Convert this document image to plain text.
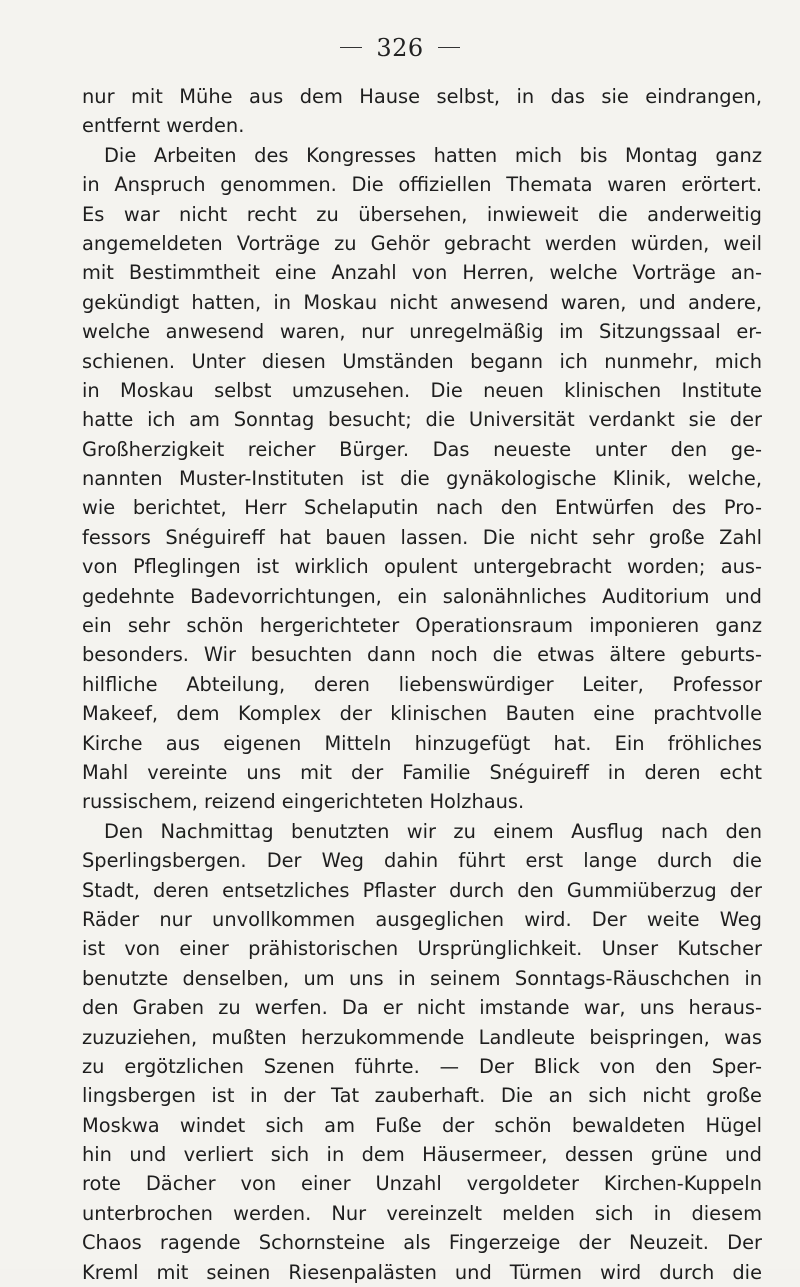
326
nur mit Mühe aus dem Hause selbst, in das sie eindrangen,
entfernt werden.
Die Arbeiten des Kongresses hatten mich bis Montag ganz
in Anspruch genommen. Die offiziellen Themata waren erörtert.
Es war nicht recht zu übersehen, inwieweit die anderweitig
angemeldeten Vorträge zu Gehör gebracht werden würden, weil
mit Bestimmtheit eine Anzahl von Herren, welche Vorträge an-
gekündigt hatten, in Moskau nicht anwesend waren, und andere,
welche anwesend waren, nur unregelmäßig im Sitzungssaal er-
schienen. Unter diesen Umständen begann ich nunmehr, mich
in Moskau selbst umzusehen. Die neuen klinischen Institute
hatte ich am Sonntag besucht; die Universität verdankt sie der
Großherzigkeit reicher Bürger. Das neueste unter den ge-
nannten Muster-Instituten ist die gynäkologische Klinik, welche,
wie berichtet, Herr Schelaputin nach den Entwürfen des Pro-
fessors Snéguireff hat bauen lassen. Die nicht sehr große Zahl
von Pfleglingen ist wirklich opulent untergebracht worden; aus-
gedehnte Badevorrichtungen, ein salonähnliches Auditorium und
ein sehr schön hergerichteter Operationsraum imponieren ganz
besonders. Wir besuchten dann noch die etwas ältere geburts-
hilfliche Abteilung, deren liebenswürdiger Leiter, Professor
Makeef, dem Komplex der klinischen Bauten eine prachtvolle
Kirche aus eigenen Mitteln hinzugefügt hat. Ein fröhliches
Mahl vereinte uns mit der Familie Snéguireff in deren echt
russischem, reizend eingerichteten Holzhaus.
Den Nachmittag benutzten wir zu einem Ausflug nach den
Sperlingsbergen. Der Weg dahin führt erst lange durch die
Stadt, deren entsetzliches Pflaster durch den Gummiüberzug der
Räder nur unvollkommen ausgeglichen wird. Der weite Weg
ist von einer prähistorischen Ursprünglichkeit. Unser Kutscher
benutzte denselben, um uns in seinem Sonntags-Räuschchen in
den Graben zu werfen. Da er nicht imstande war, uns heraus-
zuzuziehen, mußten herzukommende Landleute beispringen, was
zu ergötzlichen Szenen führte. — Der Blick von den Sper-
lingsbergen ist in der Tat zauberhaft. Die an sich nicht große
Moskwa windet sich am Fuße der schön bewaldeten Hügel
hin und verliert sich in dem Häusermeer, dessen grüne und
rote Dächer von einer Unzahl vergoldeter Kirchen-Kuppeln
unterbrochen werden. Nur vereinzelt melden sich in diesem
Chaos ragende Schornsteine als Fingerzeige der Neuzeit. Der
Kreml mit seinen Riesenpalästen und Türmen wird durch die
